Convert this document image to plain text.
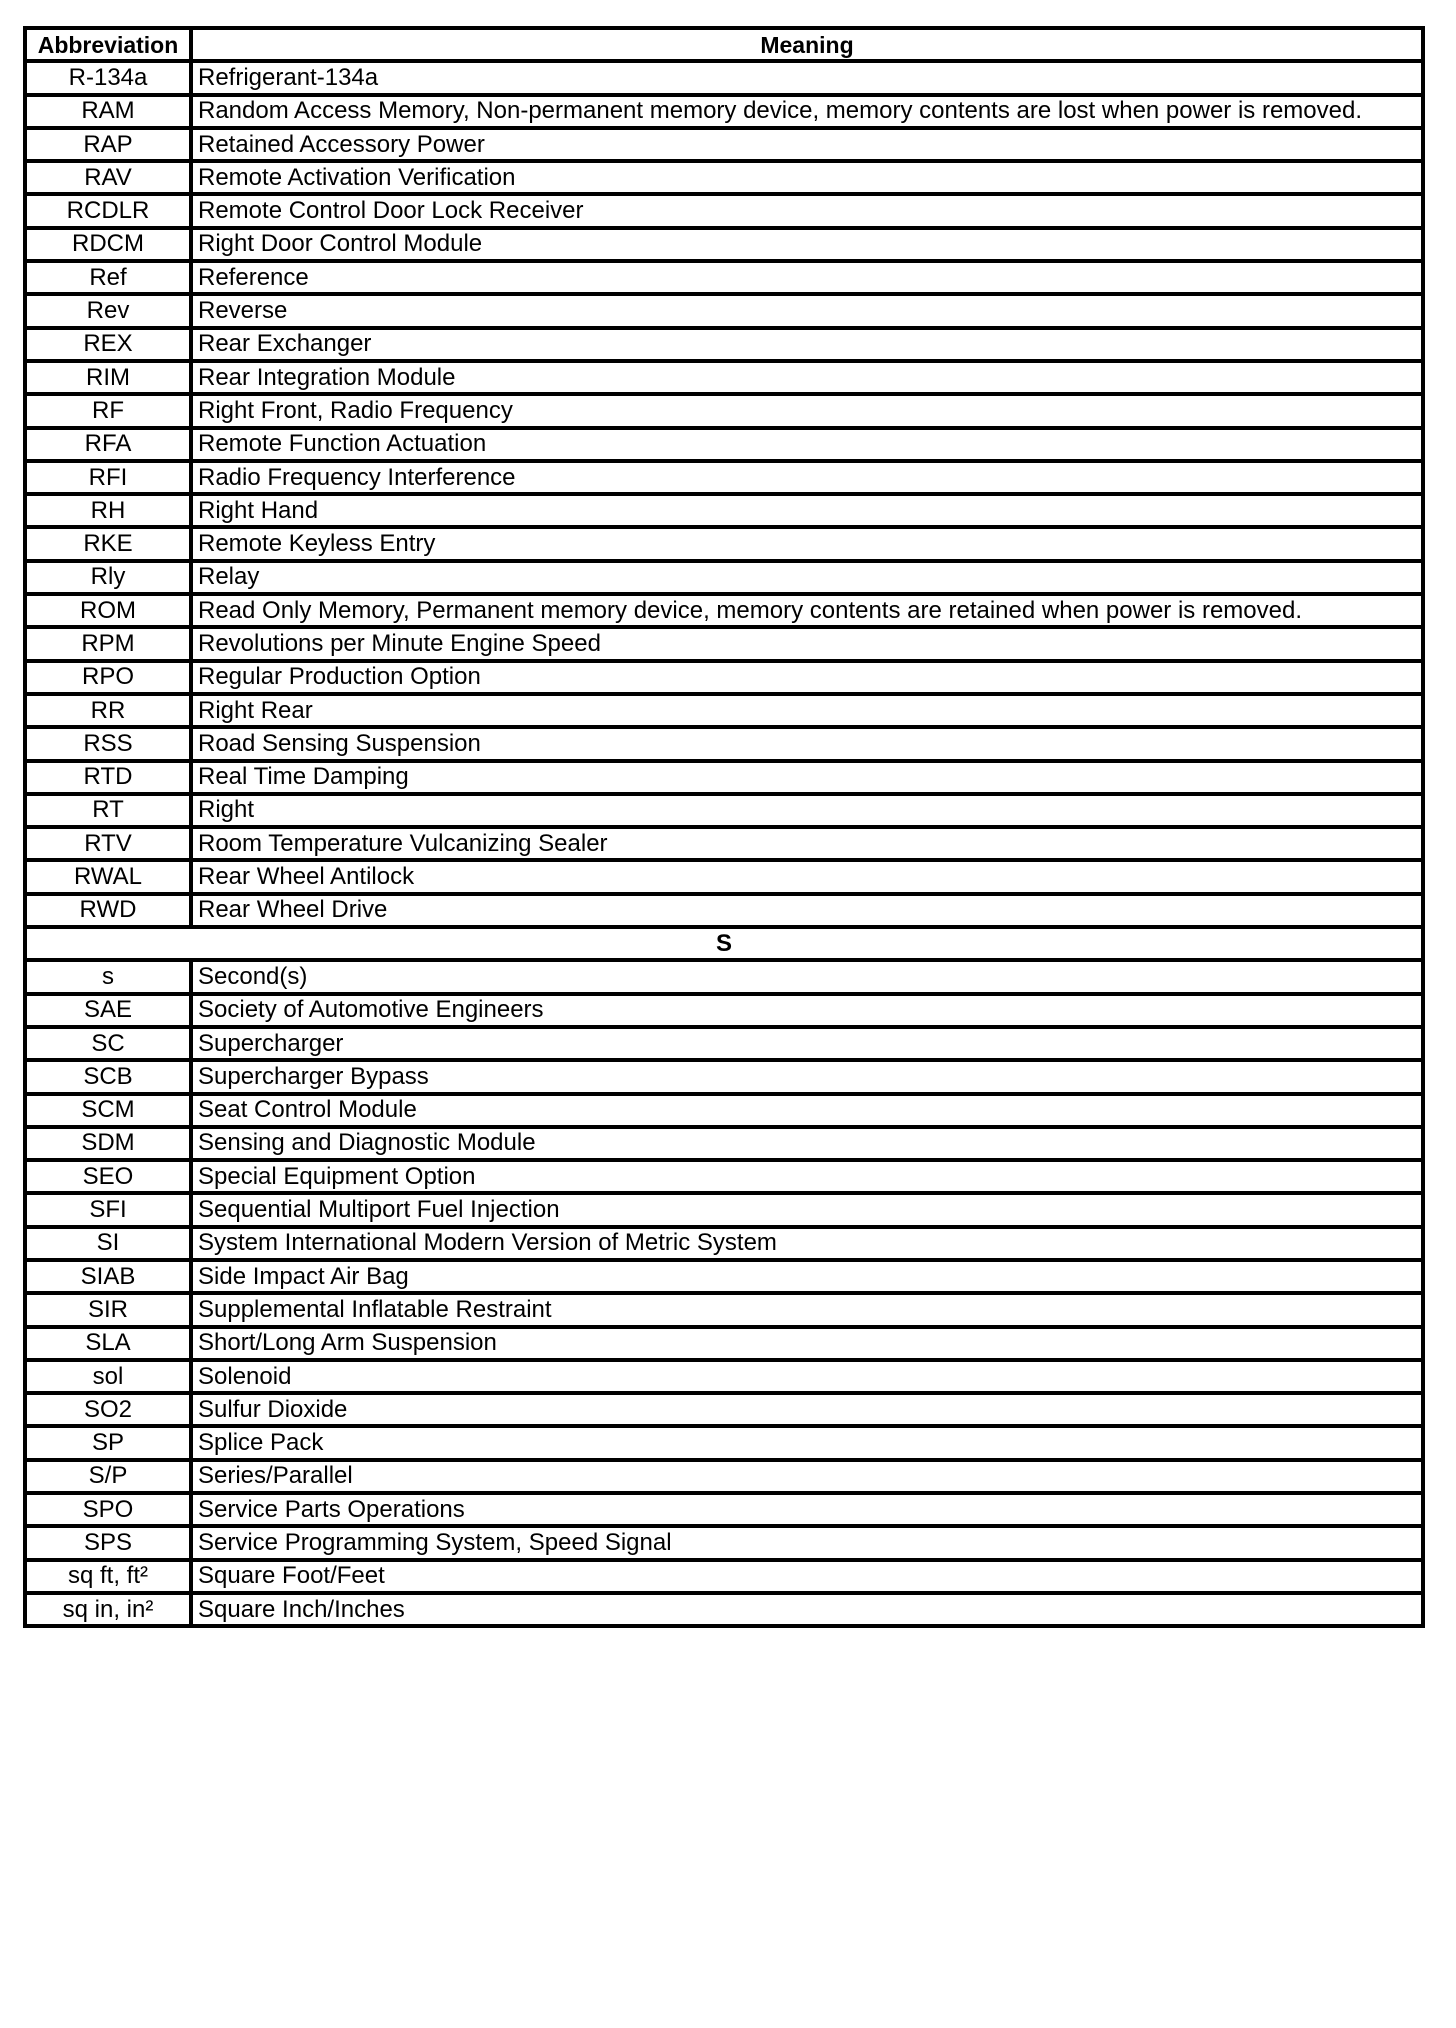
Abbreviation	Meaning
R-134a	Refrigerant-134a
RAM	Random Access Memory, Non-permanent memory device, memory contents are lost when power is removed.
RAP	Retained Accessory Power
RAV	Remote Activation Verification
RCDLR	Remote Control Door Lock Receiver
RDCM	Right Door Control Module
Ref	Reference
Rev	Reverse
REX	Rear Exchanger
RIM	Rear Integration Module
RF	Right Front, Radio Frequency
RFA	Remote Function Actuation
RFI	Radio Frequency Interference
RH	Right Hand
RKE	Remote Keyless Entry
Rly	Relay
ROM	Read Only Memory, Permanent memory device, memory contents are retained when power is removed.
RPM	Revolutions per Minute Engine Speed
RPO	Regular Production Option
RR	Right Rear
RSS	Road Sensing Suspension
RTD	Real Time Damping
RT	Right
RTV	Room Temperature Vulcanizing Sealer
RWAL	Rear Wheel Antilock
RWD	Rear Wheel Drive
S	
s	Second(s)
SAE	Society of Automotive Engineers
SC	Supercharger
SCB	Supercharger Bypass
SCM	Seat Control Module
SDM	Sensing and Diagnostic Module
SEO	Special Equipment Option
SFI	Sequential Multiport Fuel Injection
SI	System International Modern Version of Metric System
SIAB	Side Impact Air Bag
SIR	Supplemental Inflatable Restraint
SLA	Short/Long Arm Suspension
sol	Solenoid
SO2	Sulfur Dioxide
SP	Splice Pack
S/P	Series/Parallel
SPO	Service Parts Operations
SPS	Service Programming System, Speed Signal
sq ft, ft²	Square Foot/Feet
sq in, in²	Square Inch/Inches
